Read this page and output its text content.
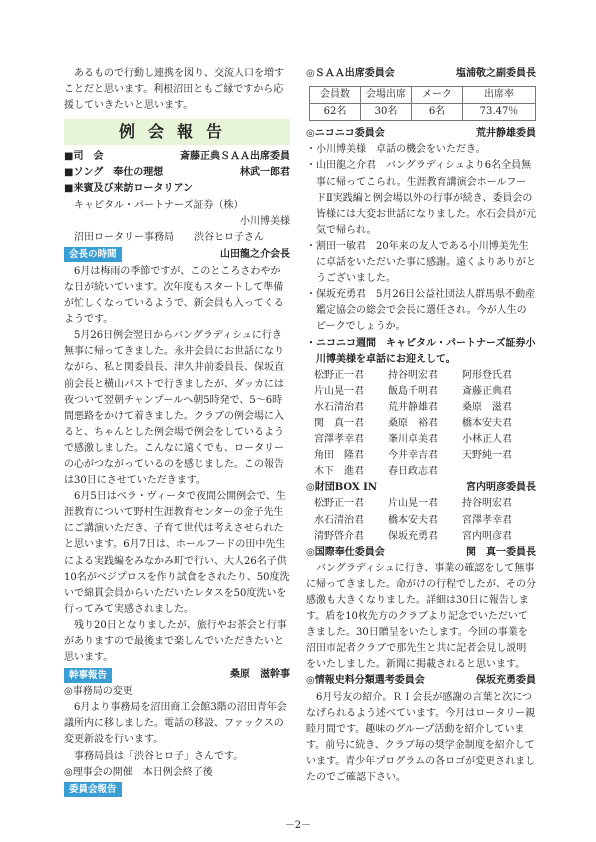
あるもので行動し連携を図り、交流人口を増すことだと思います。利根沼田ともご縁ですから応援していきたいと思います。

例会報告
■司　会	斎藤正典ＳＡＡ出席委員
■ソング　奉仕の理想	林武一郎君

■来賓及び来訪ロータリアン

キャピタル・パートナーズ証券（株）

小川博美様

沼田ロータリー事務局　　渋谷ヒロ子さん

会長の時間	山田龍之介会長

6月は梅雨の季節ですが、このところさわやかな日が続いています。次年度もスタートして準備が忙しくなっているようで、新会員も入ってくるようです。

5月26日例会翌日からバングラディシュに行き無事に帰ってきました。永井会員にお世話になりながら、私と関委員長、津久井前委員長、保坂直前会長と横山パストで行きましたが、ダッカには夜ついて翌朝チャンプールへ朝5時発で、5～6時間悪路をかけて着きました。クラブの例会場に入ると、ちゃんとした例会場で例会をしているようで感激しました。こんなに遠くでも、ロータリーの心がつながっているのを感じました。この報告は30日にさせていただきます。

6月5日はベラ・ヴィータで夜間公開例会で、生涯教育について野村生涯教育センターの金子先生にご講演いただき、子育て世代は考えさせられたと思います。6月7日は、ホールフードの田中先生による実践編をみなかみ町で行い、大人26名子供10名がベジプロスを作り試食をされたり、50度洗いで綿貫会員からいただいたレタスを50度洗いを行ってみて実感されました。

残り20日となりましたが、旅行やお茶会と行事がありますので最後まで楽しんでいただきたいと思います。

幹事報告	桑原　滋幹事

◎事務局の変更

6月より事務局を沼田商工会館3階の沼田青年会議所内に移しました。電話の移設、ファックスの変更新設を行います。

事務局員は「渋谷ヒロ子」さんです。

◎理事会の開催　本日例会終了後

委員会報告
◎ＳＡＡ出席委員会	塩浦敬之副委員長
会員数	会場出席	メーク	出席率
62名	30名	6名	73.47％
◎ニコニコ委員会	荒井静雄委員

・小川博美様　卓話の機会をいただき。

・山田龍之介君　バングラディシュより6名全員無事に帰ってこられ。生涯教育講演会ホールフードⅡ実践編と例会場以外の行事が続き、委員会の皆様には大変お世話になりました。水石会員が元気で帰られ。

・割田一敏君　20年来の友人である小川博美先生に卓話をいただいた事に感謝。遠くよりありがとうございました。

・保坂充勇君　5月26日公益社団法人群馬県不動産鑑定協会の総会で会長に選任され。今が人生のピークでしょうか。

・ニコニコ週間　キャピタル・パートナーズ証券小川博美様を卓話にお迎えして。

松野正一君	持谷明宏君	阿形登氏君
片山晃一君	飯島千明君	斎藤正典君
水石清治君	荒井静雄君	桑原　滋君
関　真一君	桑原　裕君	橋本安夫君
宮澤孝幸君	峯川卓美君	小林正人君
角田　隆君	今井幸吉君	天野純一君
木下　進君	春日政志君
◎財団BOX IN	宮内明彦委員長
松野正一君	片山晃一君	持谷明宏君
水石清治君	橋本安夫君	宮澤孝幸君
清野啓介君	保坂充勇君	宮内明彦君
◎国際奉仕委員会	関　真一委員長

バングラディシュに行き、事業の確認をして無事に帰ってきました。命がけの行程でしたが、その分感激も大きくなりました。詳細は30日に報告します。盾を10枚先方のクラブより記念でいただいてきました。30日贈呈をいたします。今回の事業を沼田市記者クラブで那先生と共に記者会見し説明をいたしました。新聞に掲載されると思います。

◎情報史料分類選考委員会	保坂充勇委員

6月号友の紹介。ＲＩ会長が感謝の言葉と次につなげられるよう述べています。今月はロータリー親睦月間です。趣味のグループ活動を紹介しています。前号に続き、クラブ毎の奨学金制度を紹介しています。青少年プログラムの各ロゴが変更されましたのでご確認下さい。

－2－
